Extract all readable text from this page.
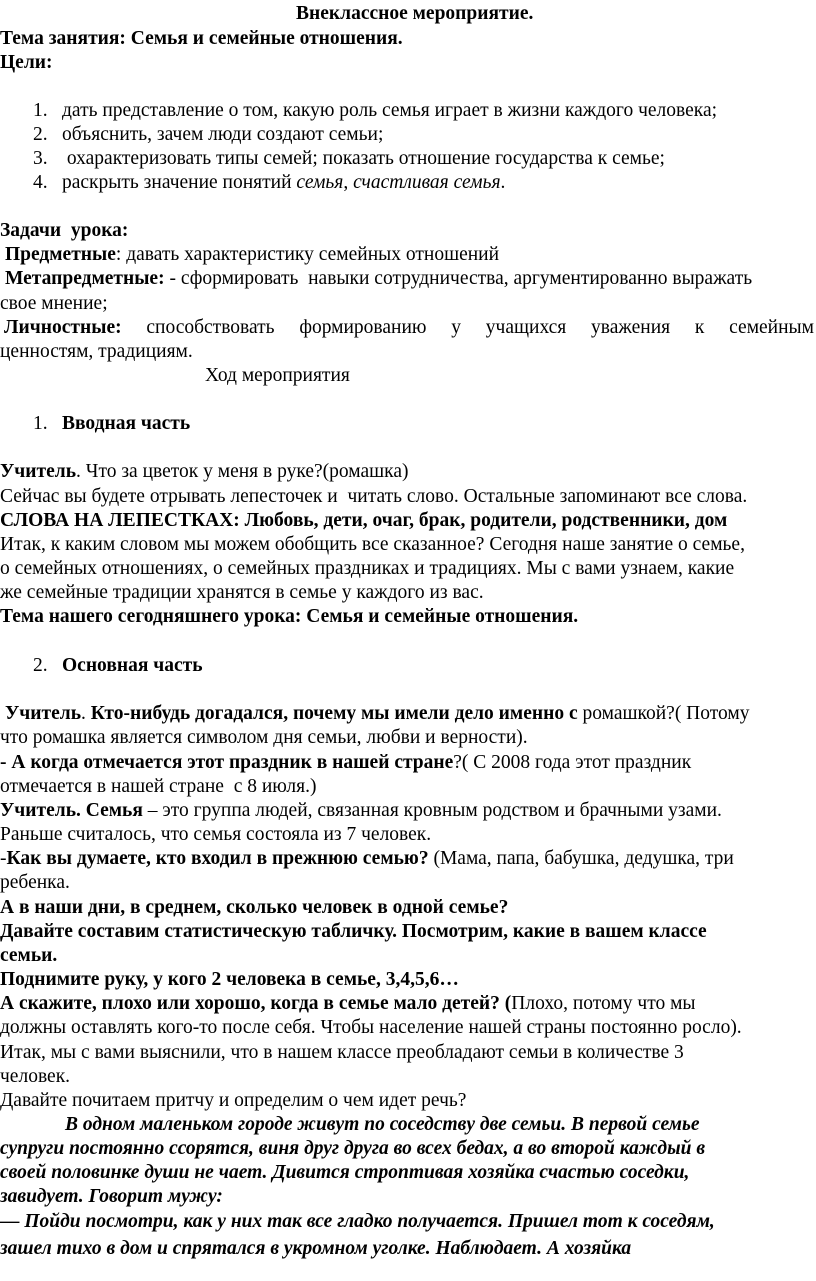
Внеклассное мероприятие.
Тема занятия: Семья и семейные отношения.
Цели:
1. дать представление о том, какую роль семья играет в жизни каждого человека;
2. объяснить, зачем люди создают семьи;
3. охарактеризовать типы семей; показать отношение государства к семье;
4. раскрыть значение понятий семья, счастливая семья.
Задачи  урока:
Предметные: давать характеристику семейных отношений
Метапредметные: - сформировать  навыки сотрудничества, аргументированно выражать
свое мнение;
Личностные: способствовать формированию у учащихся уважения к семейным
ценностям, традициям.
Ход мероприятия
1. Вводная часть
Учитель. Что за цветок у меня в руке?(ромашка)
Сейчас вы будете отрывать лепесточек и  читать слово. Остальные запоминают все слова.
СЛОВА НА ЛЕПЕСТКАХ: Любовь, дети, очаг, брак, родители, родственники, дом
Итак, к каким словом мы можем обобщить все сказанное? Сегодня наше занятие о семье,
о семейных отношениях, о семейных праздниках и традициях. Мы с вами узнаем, какие
же семейные традиции хранятся в семье у каждого из вас.
Тема нашего сегодняшнего урока: Семья и семейные отношения.
2. Основная часть
Учитель. Кто-нибудь догадался, почему мы имели дело именно с ромашкой?( Потому
что ромашка является символом дня семьи, любви и верности).
- А когда отмечается этот праздник в нашей стране?( С 2008 года этот праздник
отмечается в нашей стране  с 8 июля.)
Учитель. Семья – это группа людей, связанная кровным родством и брачными узами.
Раньше считалось, что семья состояла из 7 человек.
-Как вы думаете, кто входил в прежнюю семью? (Мама, папа, бабушка, дедушка, три
ребенка.
А в наши дни, в среднем, сколько человек в одной семье?
Давайте составим статистическую табличку. Посмотрим, какие в вашем классе
семьи.
Поднимите руку, у кого 2 человека в семье, 3,4,5,6…
А скажите, плохо или хорошо, когда в семье мало детей? (Плохо, потому что мы
должны оставлять кого-то после себя. Чтобы население нашей страны постоянно росло).
Итак, мы с вами выяснили, что в нашем классе преобладают семьи в количестве 3
человек.
Давайте почитаем притчу и определим о чем идет речь?
В одном маленьком городе живут по соседству две семьи. В первой семье
супруги постоянно ссорятся, виня друг друга во всех бедах, а во второй каждый в
своей половинке души не чает. Дивится строптивая хозяйка счастью соседки,
завидует. Говорит мужу:
— Пойди посмотри, как у них так все гладко получается. Пришел тот к соседям,
зашел тихо в дом и спрятался в укромном уголке. Наблюдает. А хозяйка
